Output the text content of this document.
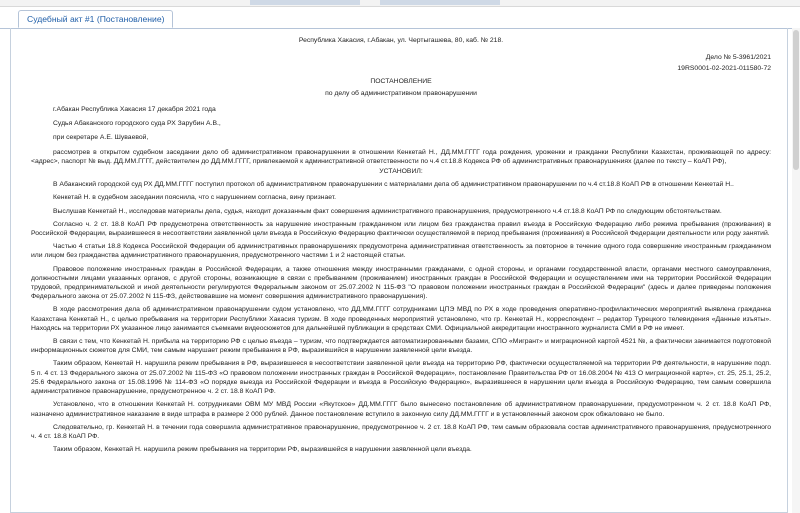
Судебный акт #1 (Постановление)

Республика Хакасия, г.Абакан, ул. Чертыгашева, 80, каб. № 218.

Дело № 5-3961/2021

19RS0001-02-2021-011580-72

ПОСТАНОВЛЕНИЕ

по делу об административном правонарушении

г.Абакан Республика Хакасия 17 декабря 2021 года

Судья Абаканского городского суда РХ Зарубин А.В.,

при секретаре А.Е. Шуваевой,

рассмотрев в открытом судебном заседании дело об административном правонарушении в отношении Кенкетай Н., ДД.ММ.ГГГГ года рождения, уроженки и гражданки Республики Казахстан, проживающей по адресу: <адрес>, паспорт № выд. ДД.ММ.ГГГГ, действителен до ДД.ММ.ГГГГ, привлекаемой к административной ответственности по ч.4 ст.18.8 Кодекса РФ об административных правонарушениях (далее по тексту – КоАП РФ),

УСТАНОВИЛ:

В Абаканский городской суд РХ ДД.ММ.ГГГГ поступил протокол об административном правонарушении с материалами дела об административном правонарушении по ч.4 ст.18.8 КоАП РФ в отношении Кенкетай Н..

Кенкетай Н. в судебном заседании пояснила, что с нарушением согласна, вину признает.

Выслушав Кенкетай Н., исследовав материалы дела, судья, находит доказанным факт совершения административного правонарушения, предусмотренного ч.4 ст.18.8 КоАП РФ по следующим обстоятельствам.

Согласно ч. 2 ст. 18.8 КоАП РФ предусмотрена ответственность за нарушение иностранным гражданином или лицом без гражданства правил въезда в Российскую Федерацию либо режима пребывания (проживания) в Российской Федерации, выразившееся в несоответствии заявленной цели въезда в Российскую Федерацию фактически осуществляемой в период пребывания (проживания) в Российской Федерации деятельности или роду занятий.

Частью 4 статьи 18.8 Кодекса Российской Федерации об административных правонарушениях предусмотрена административная ответственность за повторное в течение одного года совершение иностранным гражданином или лицом без гражданства административного правонарушения, предусмотренного частями 1 и 2 настоящей статьи.

Правовое положение иностранных граждан в Российской Федерации, а также отношения между иностранными гражданами, с одной стороны, и органами государственной власти, органами местного самоуправления, должностными лицами указанных органов, с другой стороны, возникающие в связи с пребыванием (проживанием) иностранных граждан в Российской Федерации и осуществлением ими на территории Российской Федерации трудовой, предпринимательской и иной деятельности регулируются Федеральным законом от 25.07.2002 N 115-ФЗ "О правовом положении иностранных граждан в Российской Федерации" (здесь и далее приведены положения Федерального закона от 25.07.2002 N 115-ФЗ, действовавшие на момент совершения административного правонарушения).

В ходе рассмотрения дела об административном правонарушении судом установлено, что ДД.ММ.ГГГГ сотрудниками ЦПЭ МВД по РХ в ходе проведения оперативно-профилактических мероприятий выявлена гражданка Казахстана Кенкетай Н., с целью пребывания на территории Республики Хакасия туризм. В ходе проведенных мероприятий установлено, что гр. Кенкетай Н., корреспондент – редактор Турецкого телевидения «Данные изъяты». Находясь на территории РХ указанное лицо занимается съемками видеосюжетов для дальнейшей публикации в средствах СМИ. Официальной аккредитации иностранного журналиста СМИ в РФ не имеет.

В связи с тем, что Кенкетай Н. прибыла на территорию РФ с целью въезда – туризм, что подтверждается автоматизированными базами, СПО «Мигрант» и миграционной картой 4521 №, а фактически занимается подготовкой информационных сюжетов для СМИ, тем самым нарушает режим пребывания в РФ, выразившийся в нарушении заявленной цели въезда.

Таким образом, Кенкетай Н. нарушила режим пребывания в РФ, выразившееся в несоответствии заявленной цели въезда на территорию РФ, фактически осуществляемой на территории РФ деятельности, в нарушение подп. 5 п. 4 ст. 13 Федерального закона от 25.07.2002 № 115-ФЗ «О правовом положении иностранных граждан в Российской Федерации», постановление Правительства РФ от 16.08.2004 № 413 О миграционной карте», ст. 25, 25.1, 25.2, 25.6 Федерального закона от 15.08.1996 № 114-ФЗ «О порядке выезда из Российской Федерации и въезда в Российскую Федерацию», выразившееся в нарушении цели въезда в Российскую Федерацию, тем самым совершила административное правонарушение, предусмотренное ч. 2 ст. 18.8 КоАП РФ.

Установлено, что в отношении Кенкетай Н. сотрудниками ОВМ МУ МВД России «Якутское» ДД.ММ.ГГГГ было вынесено постановление об административном правонарушении, предусмотренном ч. 2 ст. 18.8 КоАП РФ, назначено административное наказание в виде штрафа в размере 2 000 рублей. Данное постановление вступило в законную силу ДД.ММ.ГГГГ и в установленный законом срок обжаловано не было.

Следовательно, гр. Кенкетай Н. в течении года совершила административное правонарушение, предусмотренное ч. 2 ст. 18.8 КоАП РФ, тем самым образовала состав административного правонарушения, предусмотренного ч. 4 ст. 18.8 КоАП РФ.

Таким образом, Кенкетай Н. нарушила режим пребывания на территории РФ, выразившейся в нарушении заявленной цели въезда.
